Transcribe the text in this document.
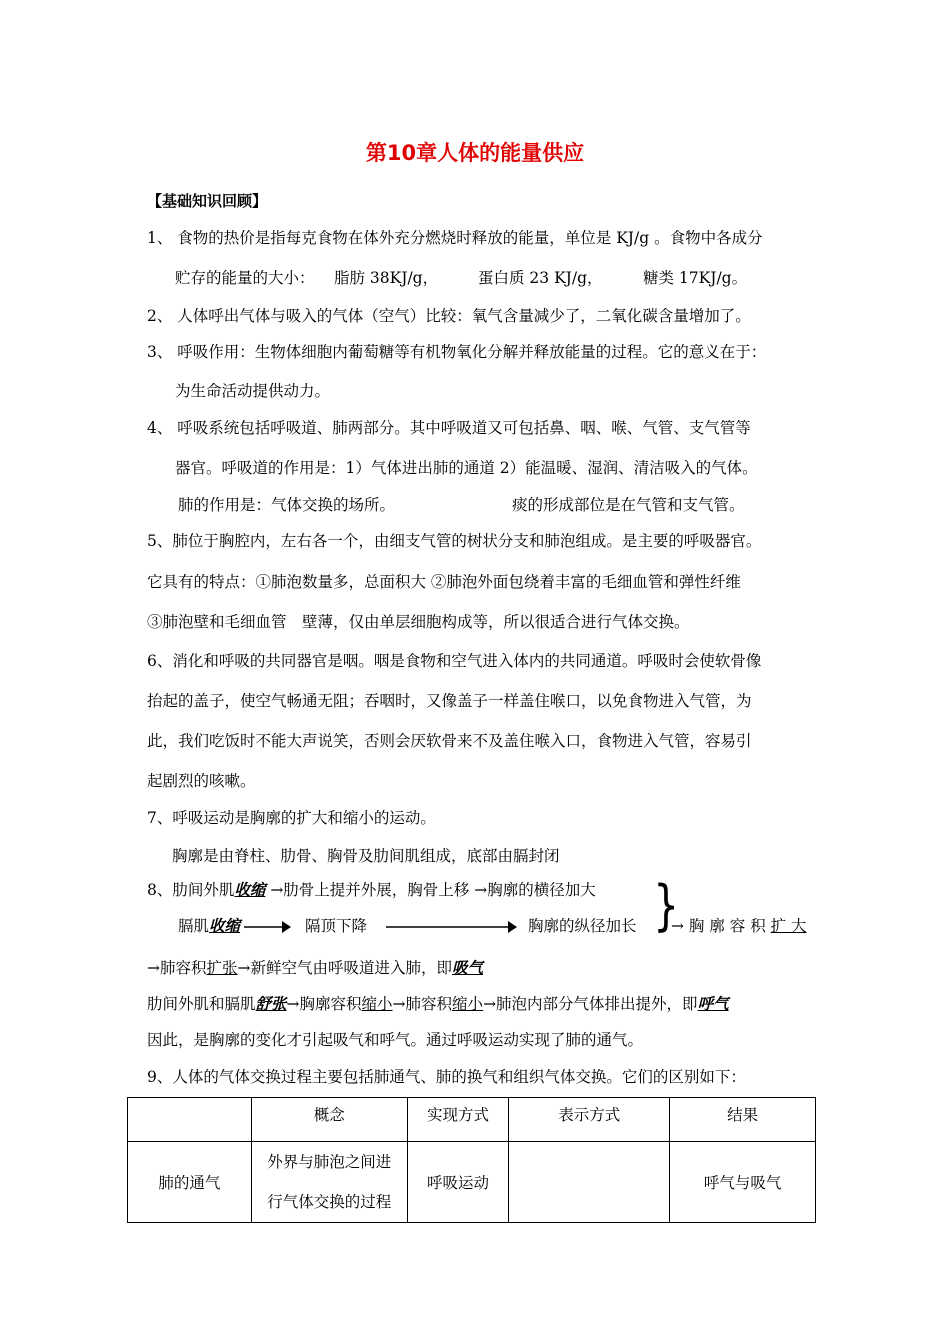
第10章人体的能量供应
【基础知识回顾】
1、 食物的热价是指每克食物在体外充分燃烧时释放的能量，单位是 KJ/g 。食物中各成分
贮存的能量的大小： 脂肪 38KJ/g，	蛋白质 23 KJ/g，	糖类 17KJ/g。
2、 人体呼出气体与吸入的气体（空气）比较：氧气含量减少了，二氧化碳含量增加了。
3、 呼吸作用：生物体细胞内葡萄糖等有机物氧化分解并释放能量的过程。它的意义在于：
为生命活动提供动力。
4、 呼吸系统包括呼吸道、肺两部分。其中呼吸道又可包括鼻、咽、喉、气管、支气管等
器官。呼吸道的作用是：1）气体进出肺的通道 2）能温暖、湿润、清洁吸入的气体。
肺的作用是：气体交换的场所。	痰的形成部位是在气管和支气管。
5、肺位于胸腔内，左右各一个，由细支气管的树状分支和肺泡组成。是主要的呼吸器官。
它具有的特点：①肺泡数量多，总面积大 ②肺泡外面包绕着丰富的毛细血管和弹性纤维
③肺泡壁和毛细血管　壁薄，仅由单层细胞构成等，所以很适合进行气体交换。
6、消化和呼吸的共同器官是咽。咽是食物和空气进入体内的共同通道。呼吸时会使软骨像
抬起的盖子，使空气畅通无阻；吞咽时，又像盖子一样盖住喉口，以免食物进入气管，为
此，我们吃饭时不能大声说笑，否则会厌软骨来不及盖住喉入口，食物进入气管，容易引
起剧烈的咳嗽。
7、呼吸运动是胸廓的扩大和缩小的运动。
胸廓是由脊柱、肋骨、胸骨及肋间肌组成，底部由膈封闭
8、肋间外肌收缩 →肋骨上提并外展，胸骨上移 →胸廓的横径加大 }
膈肌收缩	隔顶下降	胸廓的纵径加长 → 胸 廓 容 积 扩 大
→肺容积扩张→新鲜空气由呼吸道进入肺，即吸气
肋间外肌和膈肌舒张→胸廓容积缩小→肺容积缩小→肺泡内部分气体排出提外，即呼气
因此，是胸廓的变化才引起吸气和呼气。通过呼吸运动实现了肺的通气。
9、人体的气体交换过程主要包括肺通气、肺的换气和组织气体交换。它们的区别如下：
	概念	实现方式	表示方式	结果
肺的通气	外界与肺泡之间进
行气体交换的过程	呼吸运动		呼气与吸气
